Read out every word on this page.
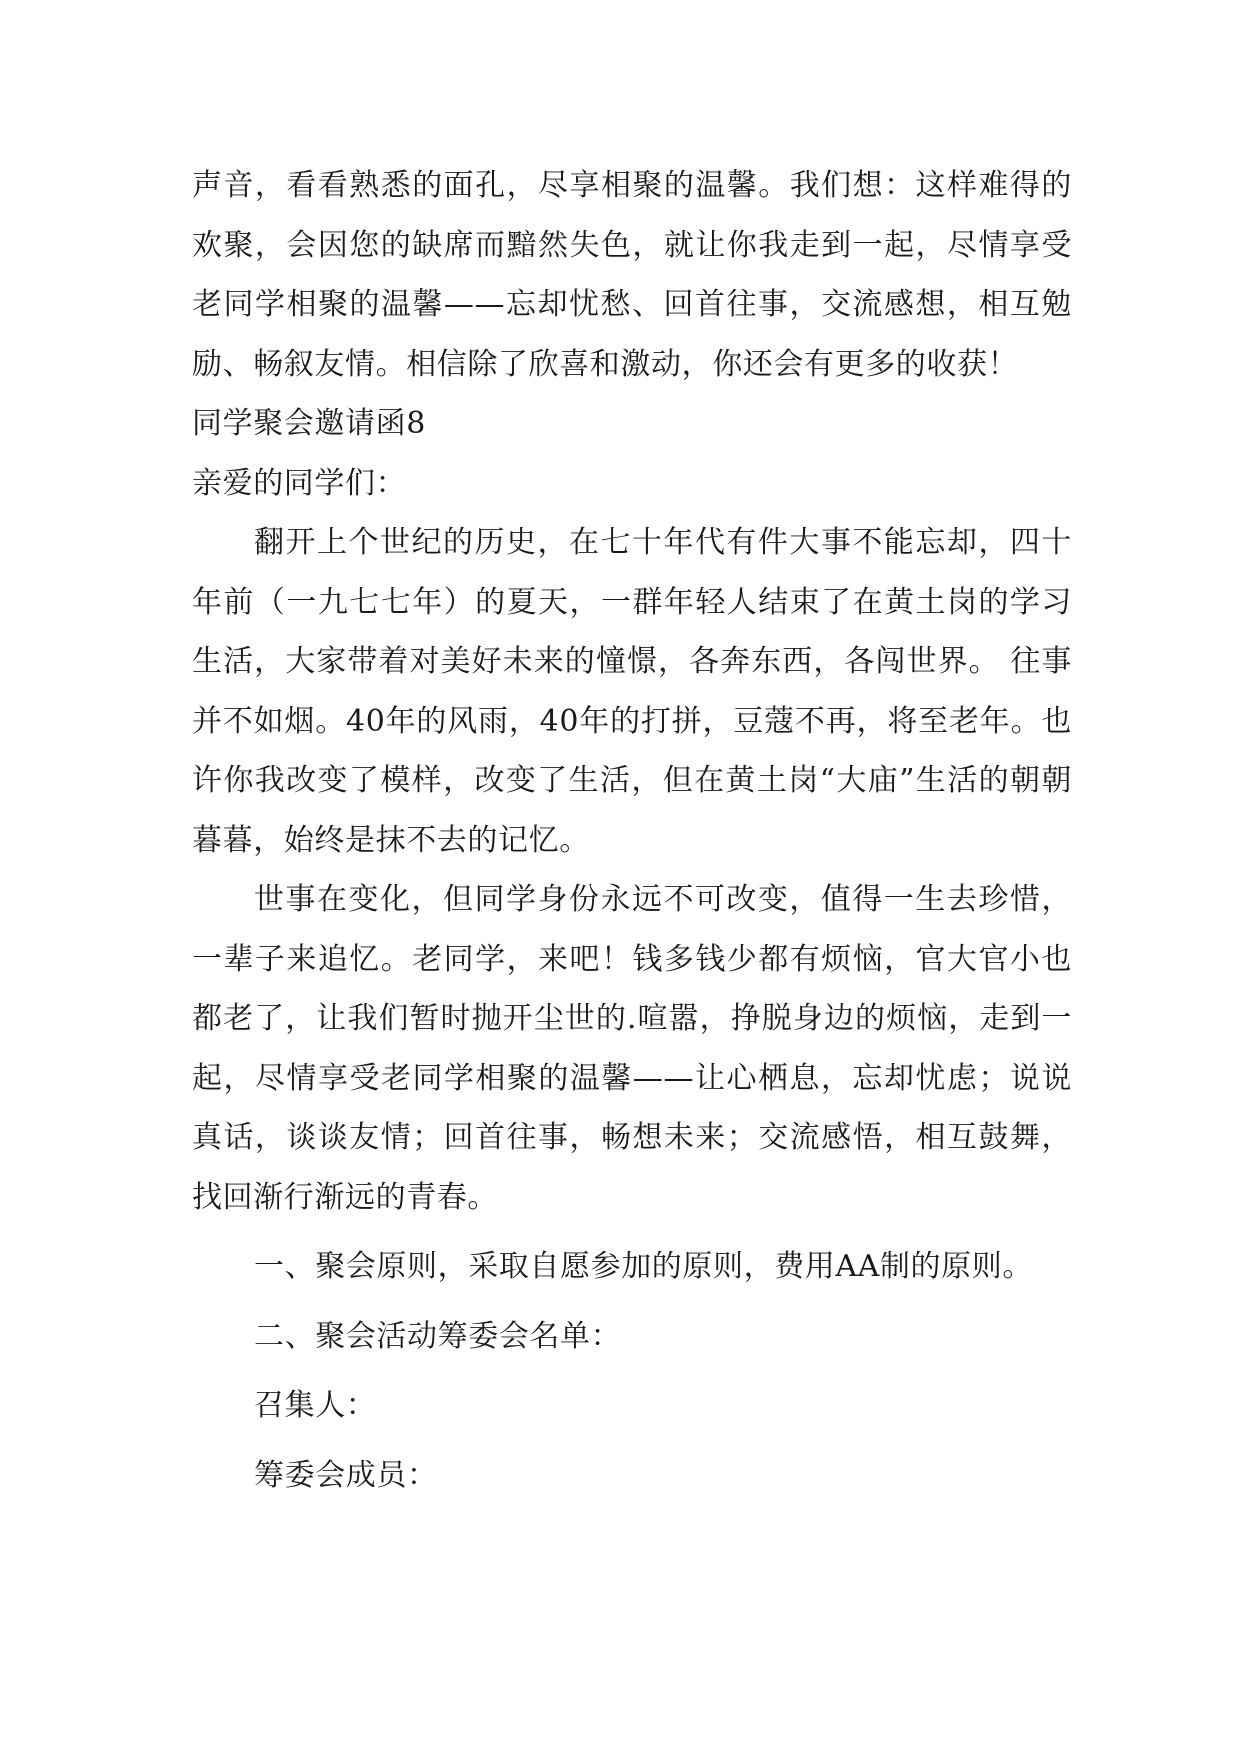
声音，看看熟悉的面孔，尽享相聚的温馨。我们想：这样难得的欢聚，会因您的缺席而黯然失色，就让你我走到一起，尽情享受老同学相聚的温馨——忘却忧愁、回首往事，交流感想，相互勉励、畅叙友情。相信除了欣喜和激动，你还会有更多的收获！

同学聚会邀请函8

亲爱的同学们：

翻开上个世纪的历史，在七十年代有件大事不能忘却，四十年前（一九七七年）的夏天，一群年轻人结束了在黄土岗的学习生活，大家带着对美好未来的憧憬，各奔东西，各闯世界。 往事并不如烟。40年的风雨，40年的打拼，豆蔻不再，将至老年。也许你我改变了模样，改变了生活，但在黄土岗“大庙”生活的朝朝暮暮，始终是抹不去的记忆。

世事在变化，但同学身份永远不可改变，值得一生去珍惜，一辈子来追忆。老同学，来吧！钱多钱少都有烦恼，官大官小也都老了，让我们暂时抛开尘世的.喧嚣，挣脱身边的烦恼，走到一起，尽情享受老同学相聚的温馨——让心栖息，忘却忧虑；说说真话，谈谈友情；回首往事，畅想未来；交流感悟，相互鼓舞，找回渐行渐远的青春。

一、聚会原则，采取自愿参加的原则，费用AA制的原则。

二、聚会活动筹委会名单：

召集人：

筹委会成员：
